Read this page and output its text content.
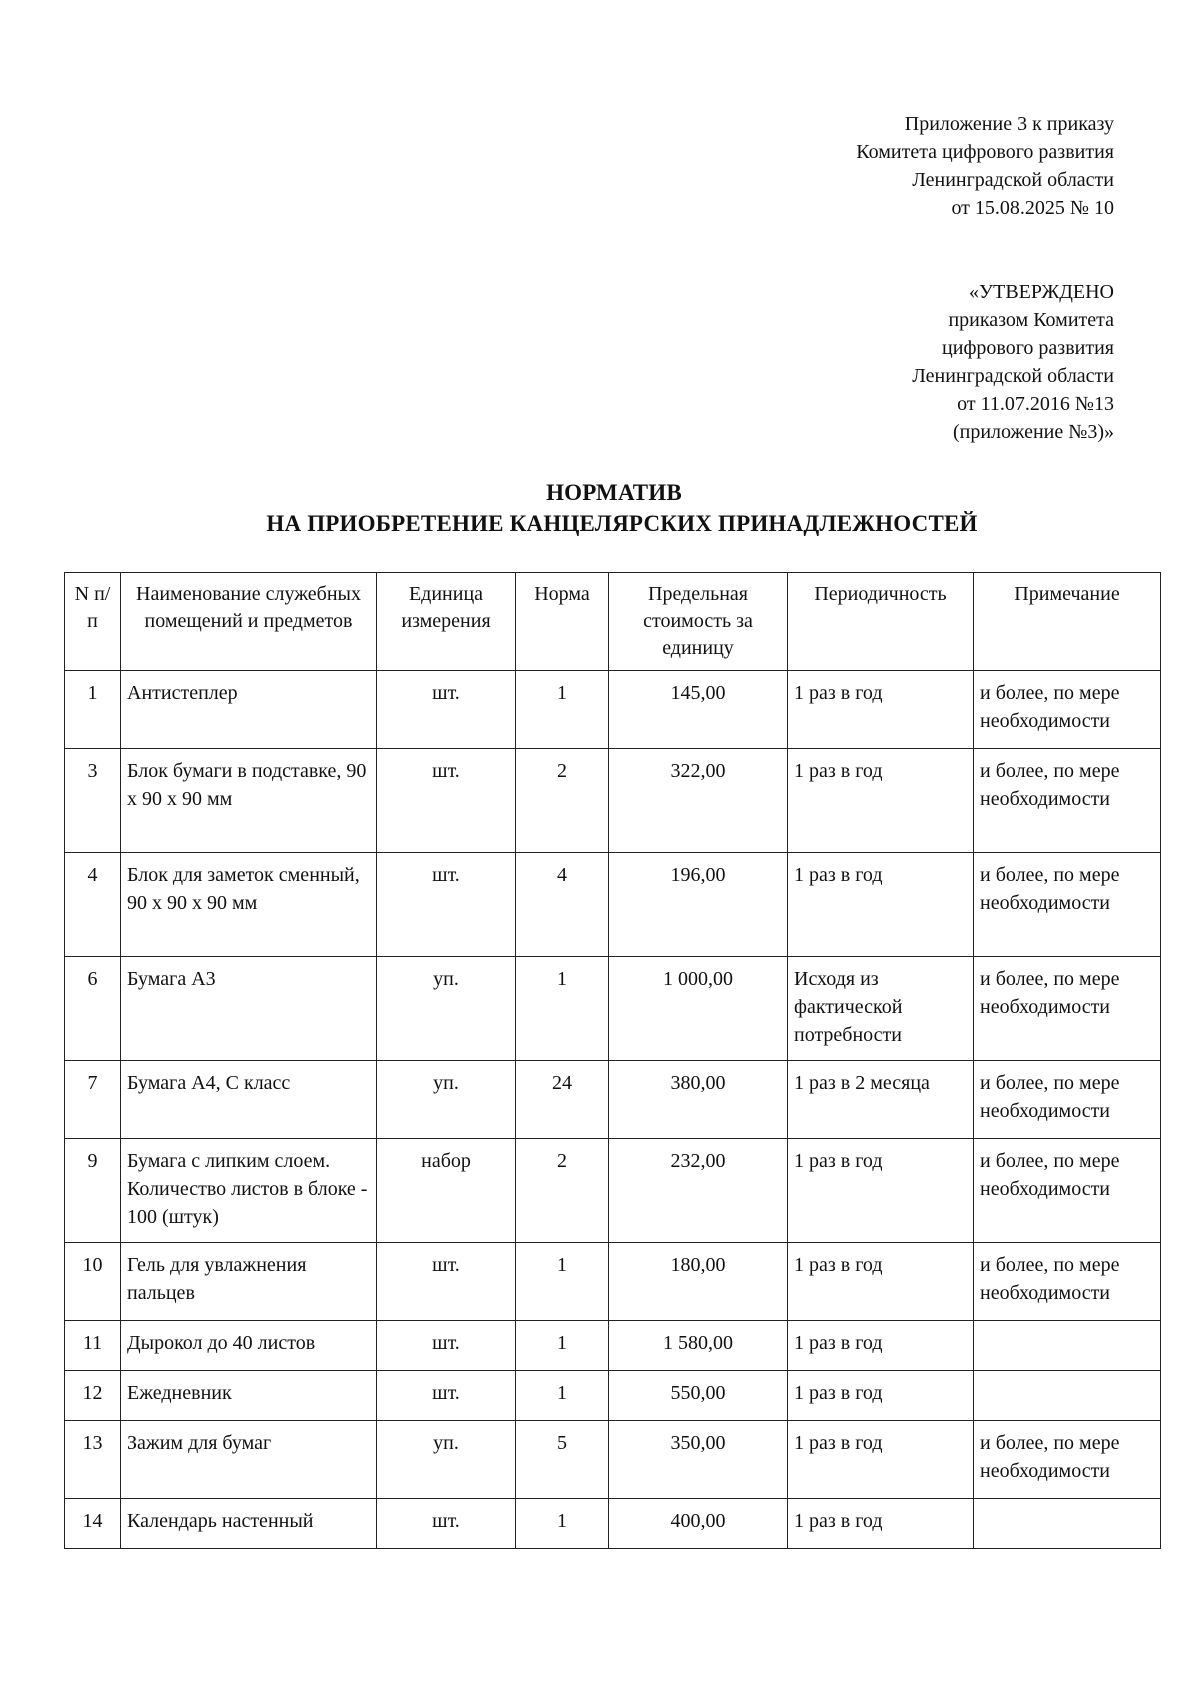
Приложение 3 к приказу
Комитета цифрового развития
Ленинградской области
от 15.08.2025 № 10
«УТВЕРЖДЕНО
приказом Комитета
цифрового развития
Ленинградской области
от 11.07.2016 №13
(приложение №3)»
НОРМАТИВ
НА ПРИОБРЕТЕНИЕ КАНЦЕЛЯРСКИХ ПРИНАДЛЕЖНОСТЕЙ
N п/п	Наименование служебных помещений и предметов	Единица измерения	Норма	Предельная стоимость за единицу	Периодичность	Примечание
1	Антистеплер	шт.	1	145,00	1 раз в год	и более, по мере необходимости
3	Блок бумаги в подставке, 90 х 90 х 90 мм	шт.	2	322,00	1 раз в год	и более, по мере необходимости
4	Блок для заметок сменный, 90 х 90 х 90 мм	шт.	4	196,00	1 раз в год	и более, по мере необходимости
6	Бумага А3	уп.	1	1 000,00	Исходя из фактической потребности	и более, по мере необходимости
7	Бумага А4, С класс	уп.	24	380,00	1 раз в 2 месяца	и более, по мере необходимости
9	Бумага с липким слоем. Количество листов в блоке - 100 (штук)	набор	2	232,00	1 раз в год	и более, по мере необходимости
10	Гель для увлажнения пальцев	шт.	1	180,00	1 раз в год	и более, по мере необходимости
11	Дырокол до 40 листов	шт.	1	1 580,00	1 раз в год	
12	Ежедневник	шт.	1	550,00	1 раз в год	
13	Зажим для бумаг	уп.	5	350,00	1 раз в год	и более, по мере необходимости
14	Календарь настенный	шт.	1	400,00	1 раз в год	
